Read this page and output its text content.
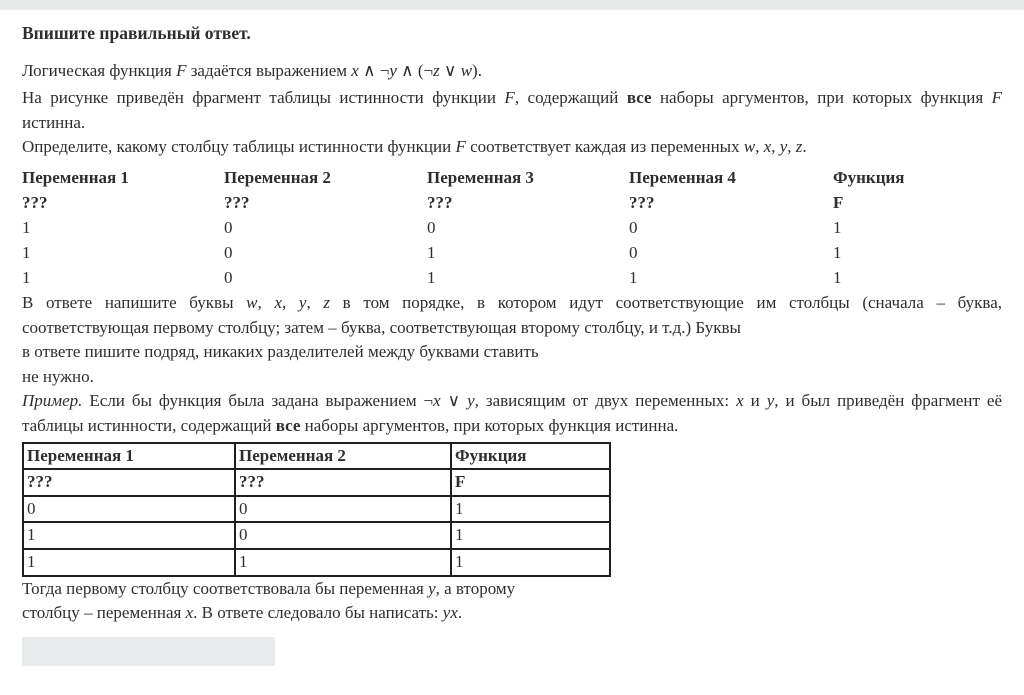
Впишите правильный ответ.

Логическая функция F задаётся выражением x ∧ ¬y ∧ (¬z ∨ w).

На рисунке приведён фрагмент таблицы истинности функции F, содержащий все наборы аргументов, при которых функция F

истинна.

Определите, какому столбцу таблицы истинности функции F соответствует каждая из переменных w, x, y, z.

Переменная 1	Переменная 2	Переменная 3	Переменная 4	Функция
???	???	???	???	F
1	0	0	0	1
1	0	1	0	1
1	0	1	1	1

В ответе напишите буквы w, x, y, z в том порядке, в котором идут соответствующие им столбцы (сначала – буква,

соответствующая первому столбцу; затем – буква, соответствующая второму столбцу, и т.д.) Буквы

в ответе пишите подряд, никаких разделителей между буквами ставить

не нужно.

Пример. Если бы функция была задана выражением ¬x ∨ y, зависящим от двух переменных: x и y, и был приведён фрагмент её

таблицы истинности, содержащий все наборы аргументов, при которых функция истинна.

Переменная 1	Переменная 2	Функция
???	???	F
0	0	1
1	0	1
1	1	1

Тогда первому столбцу соответствовала бы переменная y, а второму

столбцу – переменная x. В ответе следовало бы написать: yx.
